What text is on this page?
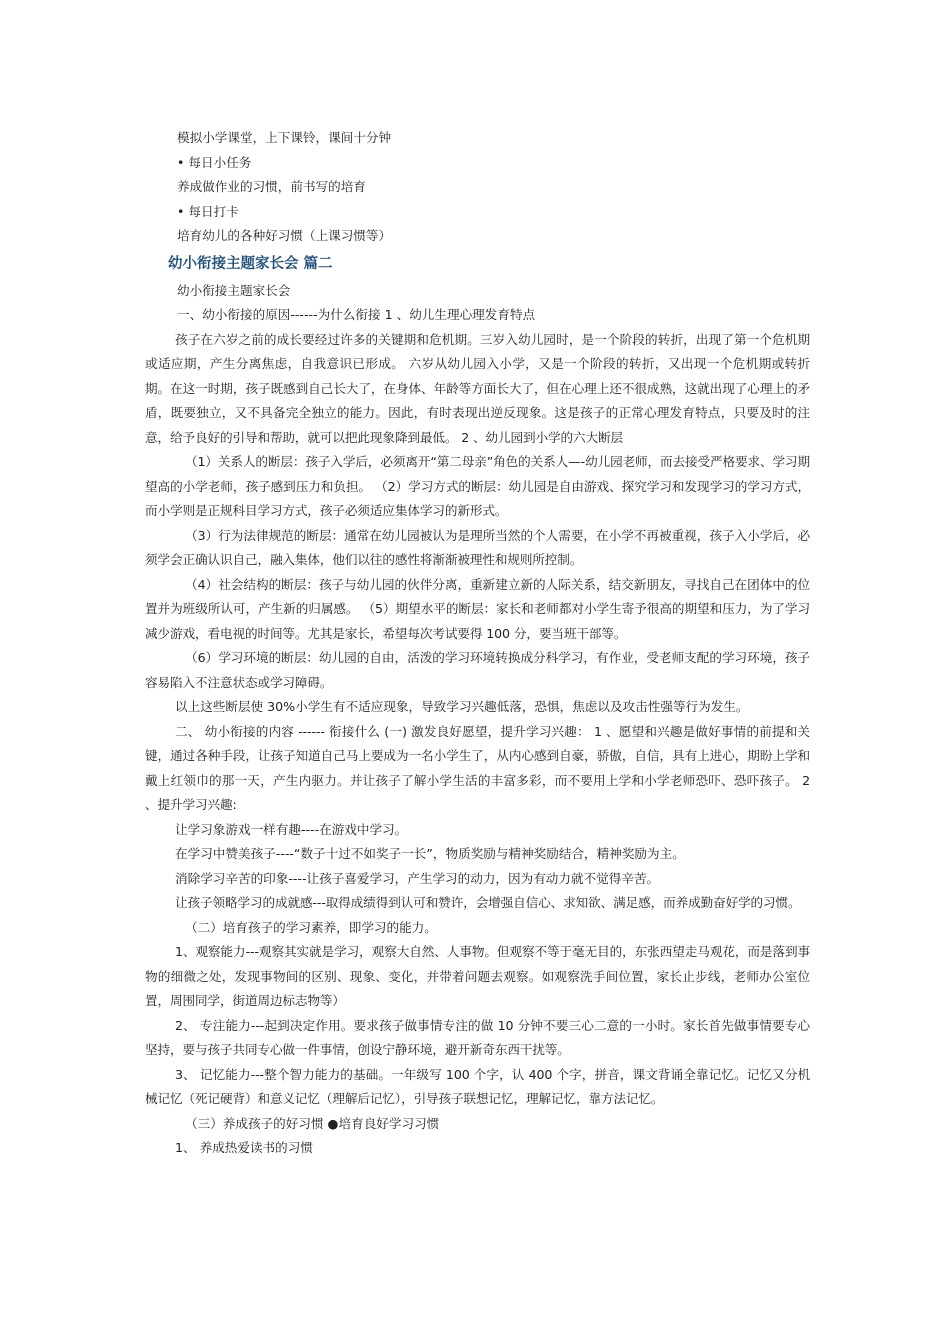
模拟小学课堂，上下课铃，课间十分钟

• 每日小任务

养成做作业的习惯，前书写的培育

• 每日打卡

培育幼儿的各种好习惯（上课习惯等）

幼小衔接主题家长会 篇二

幼小衔接主题家长会

一、幼小衔接的原因------为什么衔接 1 、幼儿生理心理发育特点

孩子在六岁之前的成长要经过许多的关键期和危机期。三岁入幼儿园时，是一个阶段的转折，出现了第一个危机期或适应期，产生分离焦虑，自我意识已形成。 六岁从幼儿园入小学，又是一个阶段的转折，又出现一个危机期或转折期。在这一时期，孩子既感到自己长大了，在身体、年龄等方面长大了，但在心理上还不很成熟，这就出现了心理上的矛盾，既要独立，又不具备完全独立的能力。因此，有时表现出逆反现象。这是孩子的正常心理发育特点，只要及时的注意，给予良好的引导和帮助，就可以把此现象降到最低。 2 、幼儿园到小学的六大断层

（1）关系人的断层：孩子入学后，必须离开“第二母亲”角色的关系人—-幼儿园老师，而去接受严格要求、学习期望高的小学老师，孩子感到压力和负担。 （2）学习方式的断层：幼儿园是自由游戏、探究学习和发现学习的学习方式，而小学则是正规科目学习方式，孩子必须适应集体学习的新形式。

（3）行为法律规范的断层：通常在幼儿园被认为是理所当然的个人需要，在小学不再被重视，孩子入小学后，必须学会正确认识自己，融入集体，他们以往的感性将渐渐被理性和规则所控制。

（4）社会结构的断层：孩子与幼儿园的伙伴分离，重新建立新的人际关系，结交新朋友，寻找自己在团体中的位置并为班级所认可，产生新的归属感。 （5）期望水平的断层：家长和老师都对小学生寄予很高的期望和压力，为了学习减少游戏，看电视的时间等。尤其是家长，希望每次考试要得 100 分，要当班干部等。

（6）学习环境的断层：幼儿园的自由，活泼的学习环境转换成分科学习，有作业，受老师支配的学习环境，孩子容易陷入不注意状态或学习障碍。

以上这些断层使 30%小学生有不适应现象，导致学习兴趣低落，恐惧，焦虑以及攻击性强等行为发生。

二、 幼小衔接的内容 ------ 衔接什么 (一) 激发良好愿望，提升学习兴趣： 1 、愿望和兴趣是做好事情的前提和关键，通过各种手段，让孩子知道自己马上要成为一名小学生了，从内心感到自豪，骄傲，自信，具有上进心，期盼上学和戴上红领巾的那一天，产生内驱力。并让孩子了解小学生活的丰富多彩，而不要用上学和小学老师恐吓、恐吓孩子。 2 、提升学习兴趣:

让学习象游戏一样有趣----在游戏中学习。

在学习中赞美孩子----“数子十过不如奖子一长”，物质奖励与精神奖励结合，精神奖励为主。

消除学习辛苦的印象----让孩子喜爱学习，产生学习的动力，因为有动力就不觉得辛苦。

让孩子领略学习的成就感---取得成绩得到认可和赞许，会增强自信心、求知欲、满足感，而养成勤奋好学的习惯。

（二）培育孩子的学习素养，即学习的能力。

1、观察能力---观察其实就是学习，观察大自然、人事物。但观察不等于毫无目的，东张西望走马观花，而是落到事物的细微之处，发现事物间的区别、现象、变化，并带着问题去观察。如观察洗手间位置，家长止步线，老师办公室位置，周围同学，街道周边标志物等）

2、 专注能力---起到决定作用。要求孩子做事情专注的做 10 分钟不要三心二意的一小时。家长首先做事情要专心坚持，要与孩子共同专心做一件事情，创设宁静环境，避开新奇东西干扰等。

3、 记忆能力---整个智力能力的基础。一年级写 100 个字，认 400 个字，拼音，课文背诵全靠记忆。记忆又分机械记忆（死记硬背）和意义记忆（理解后记忆），引导孩子联想记忆，理解记忆，靠方法记忆。

（三）养成孩子的好习惯 ●培育良好学习习惯

1、 养成热爱读书的习惯
